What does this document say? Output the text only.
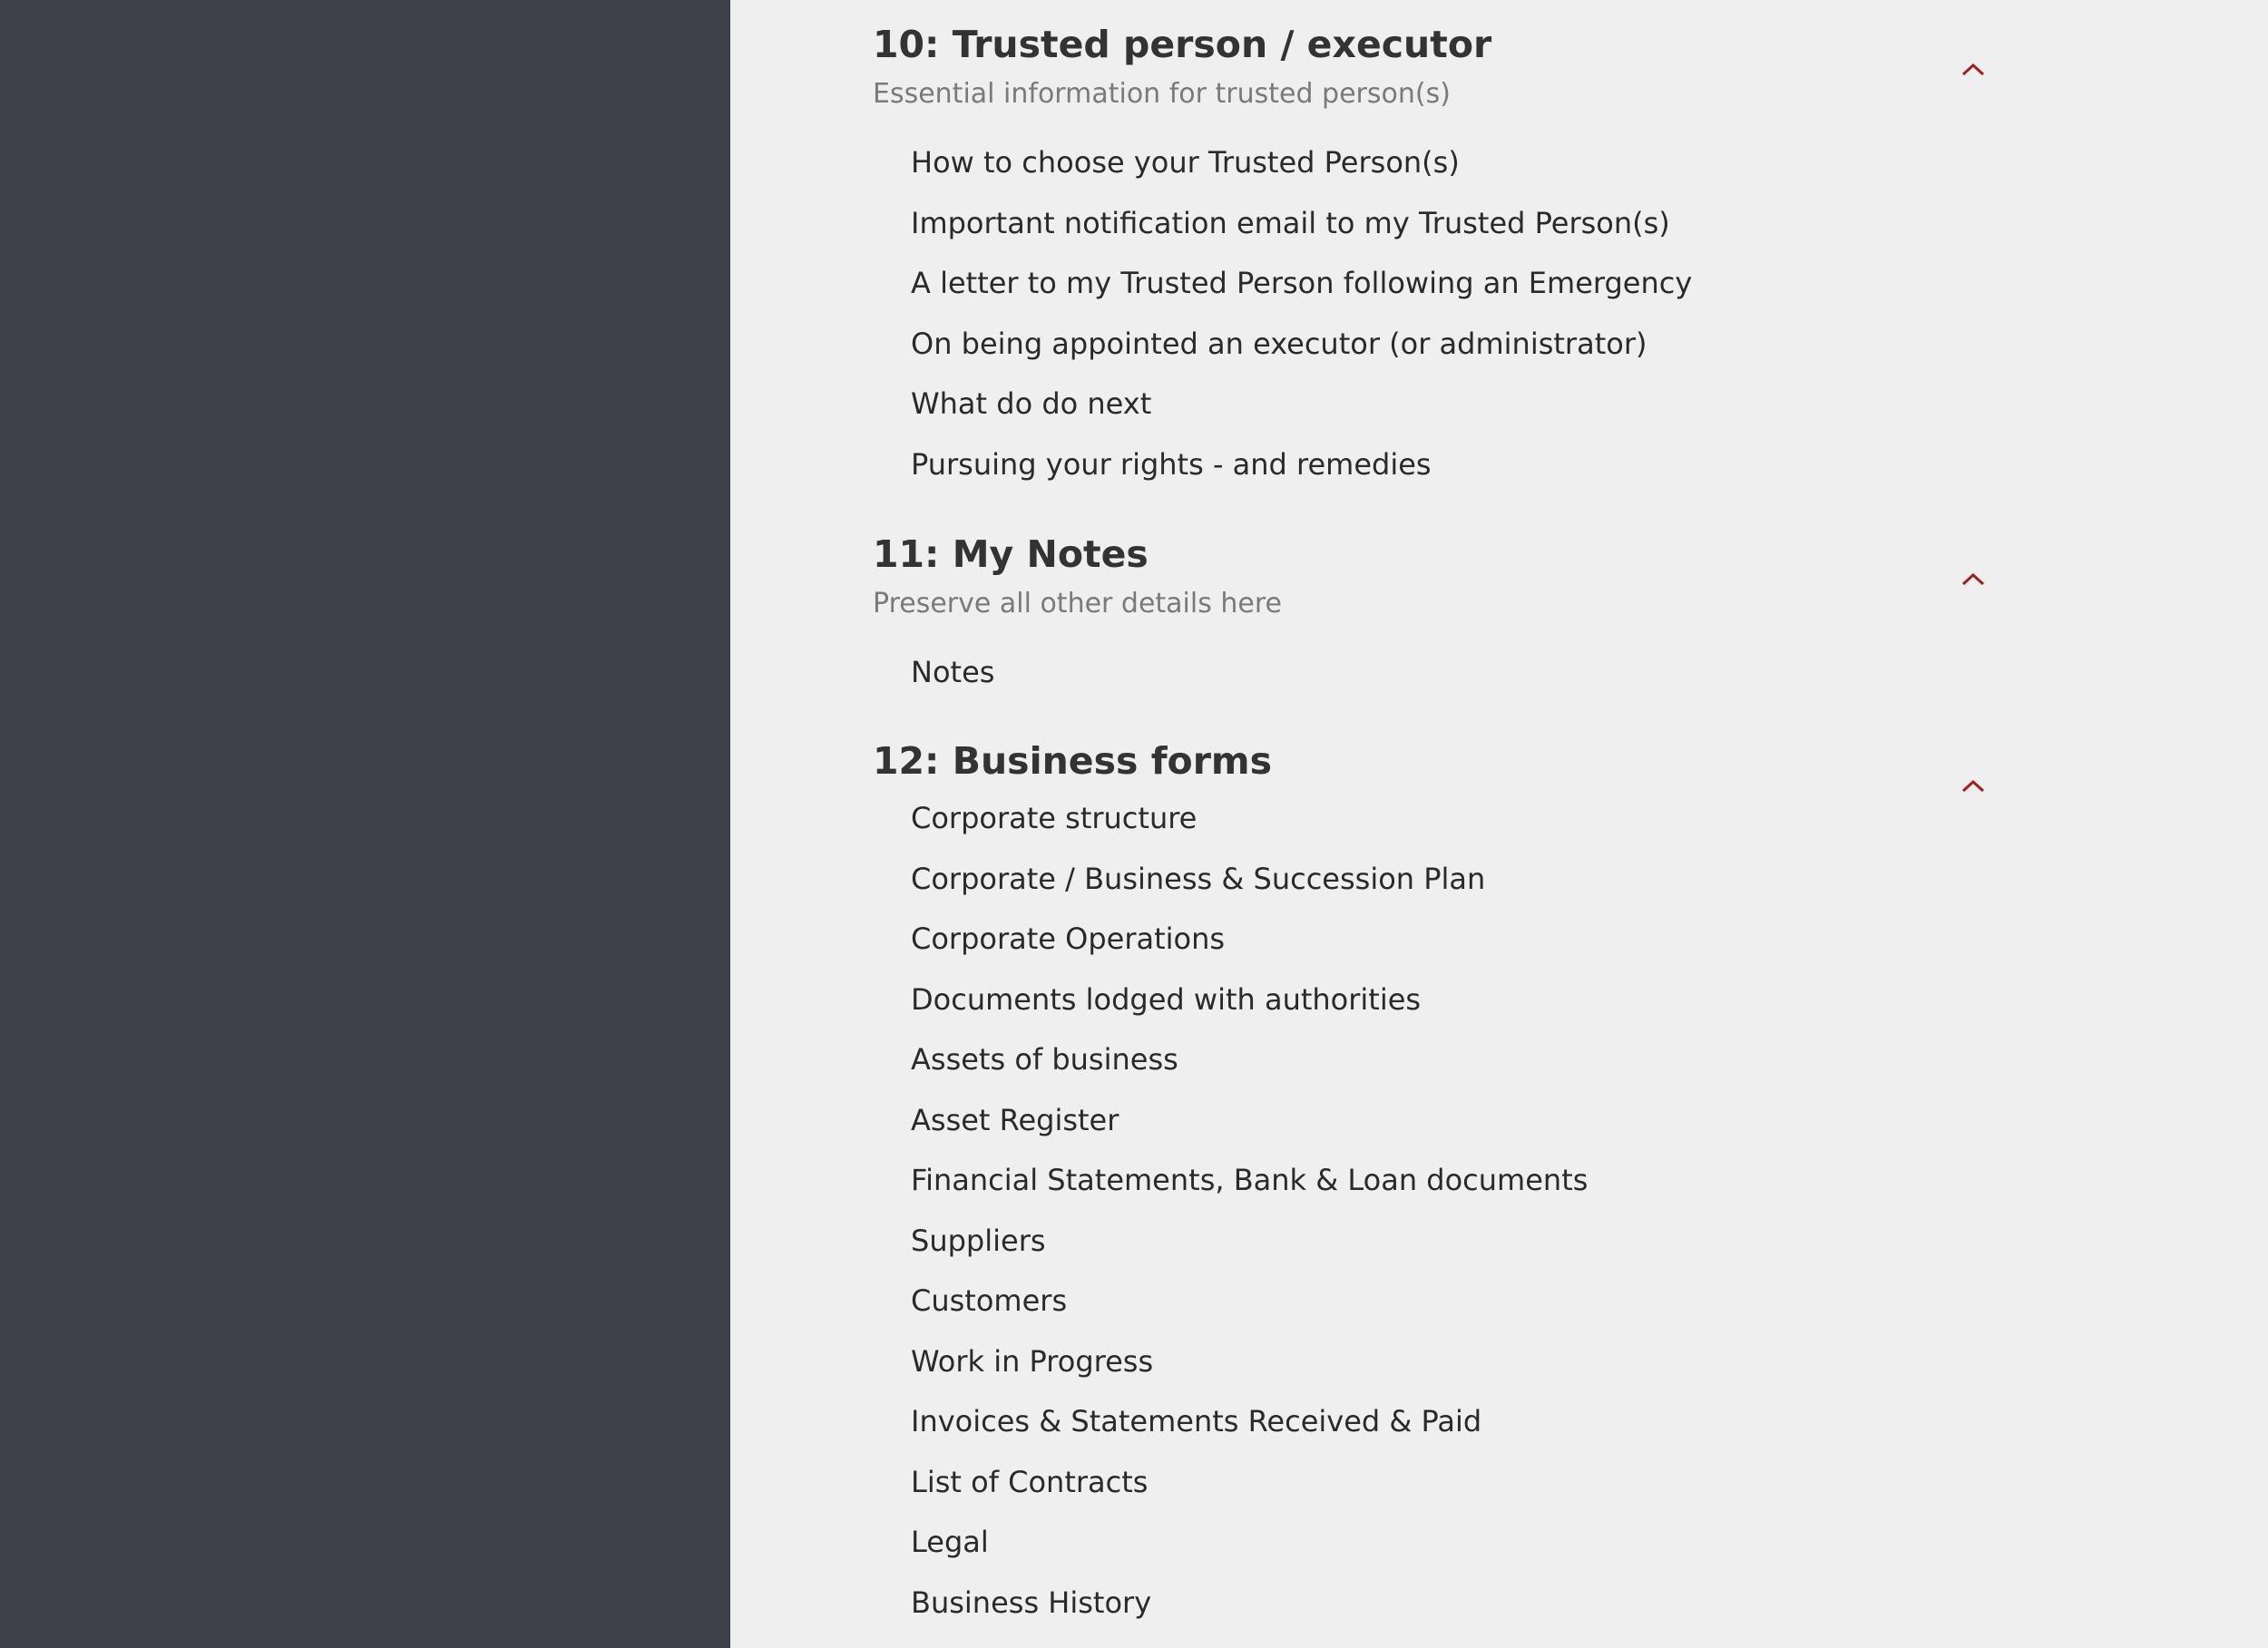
10: Trusted person / executor
Essential information for trusted person(s)
How to choose your Trusted Person(s)
Important notification email to my Trusted Person(s)
A letter to my Trusted Person following an Emergency
On being appointed an executor (or administrator)
What do do next
Pursuing your rights - and remedies
11: My Notes
Preserve all other details here
Notes
12: Business forms
Corporate structure
Corporate / Business & Succession Plan
Corporate Operations
Documents lodged with authorities
Assets of business
Asset Register
Financial Statements, Bank & Loan documents
Suppliers
Customers
Work in Progress
Invoices & Statements Received & Paid
List of Contracts
Legal
Business History
